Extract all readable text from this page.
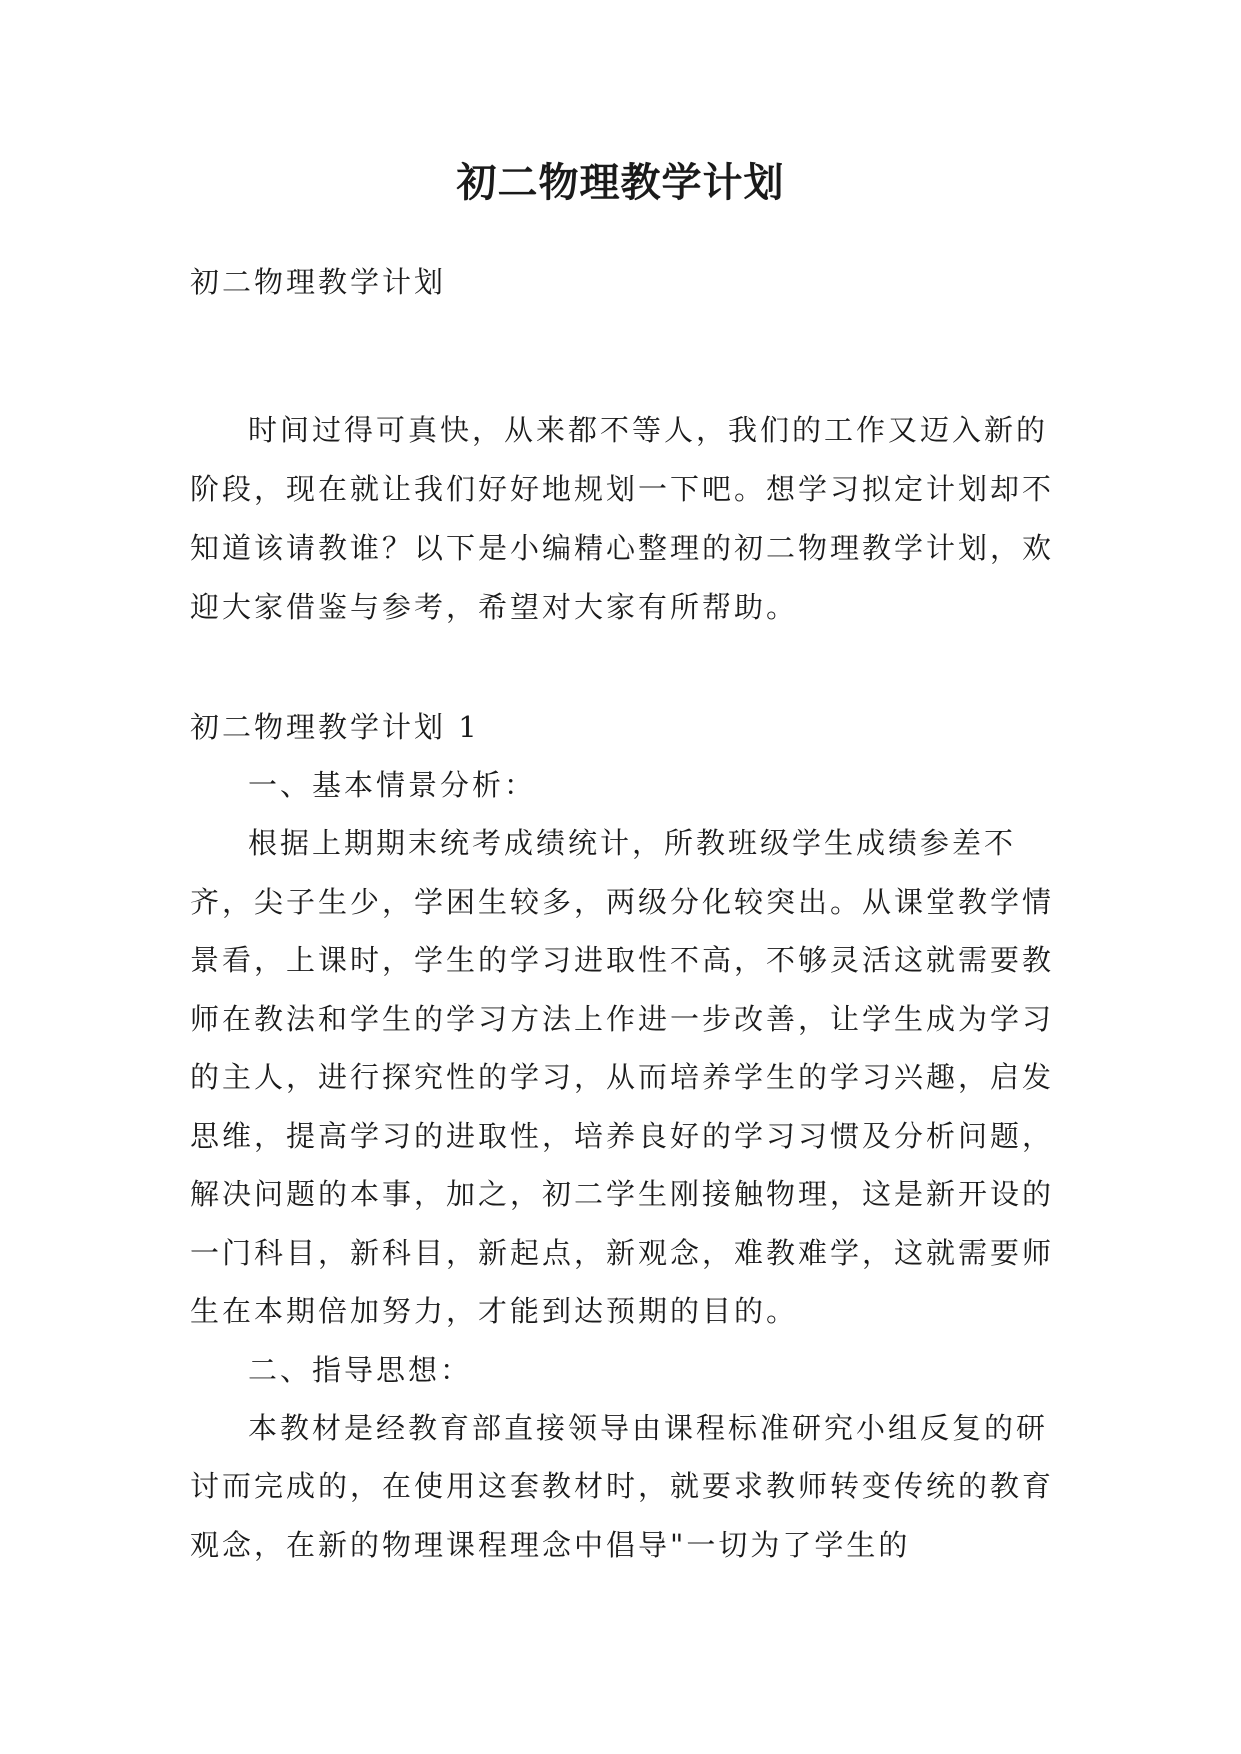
初二物理教学计划
初二物理教学计划

时间过得可真快，从来都不等人，我们的工作又迈入新的阶段，现在就让我们好好地规划一下吧。想学习拟定计划却不知道该请教谁？以下是小编精心整理的初二物理教学计划，欢迎大家借鉴与参考，希望对大家有所帮助。

初二物理教学计划 1

一、基本情景分析：

根据上期期末统考成绩统计，所教班级学生成绩参差不齐，尖子生少，学困生较多，两级分化较突出。从课堂教学情景看，上课时，学生的学习进取性不高，不够灵活这就需要教师在教法和学生的学习方法上作进一步改善，让学生成为学习的主人，进行探究性的学习，从而培养学生的学习兴趣，启发思维，提高学习的进取性，培养良好的学习习惯及分析问题，解决问题的本事，加之，初二学生刚接触物理，这是新开设的一门科目，新科目，新起点，新观念，难教难学，这就需要师生在本期倍加努力，才能到达预期的目的。

二、指导思想：

本教材是经教育部直接领导由课程标准研究小组反复的研讨而完成的，在使用这套教材时，就要求教师转变传统的教育观念，在新的物理课程理念中倡导"一切为了学生的
